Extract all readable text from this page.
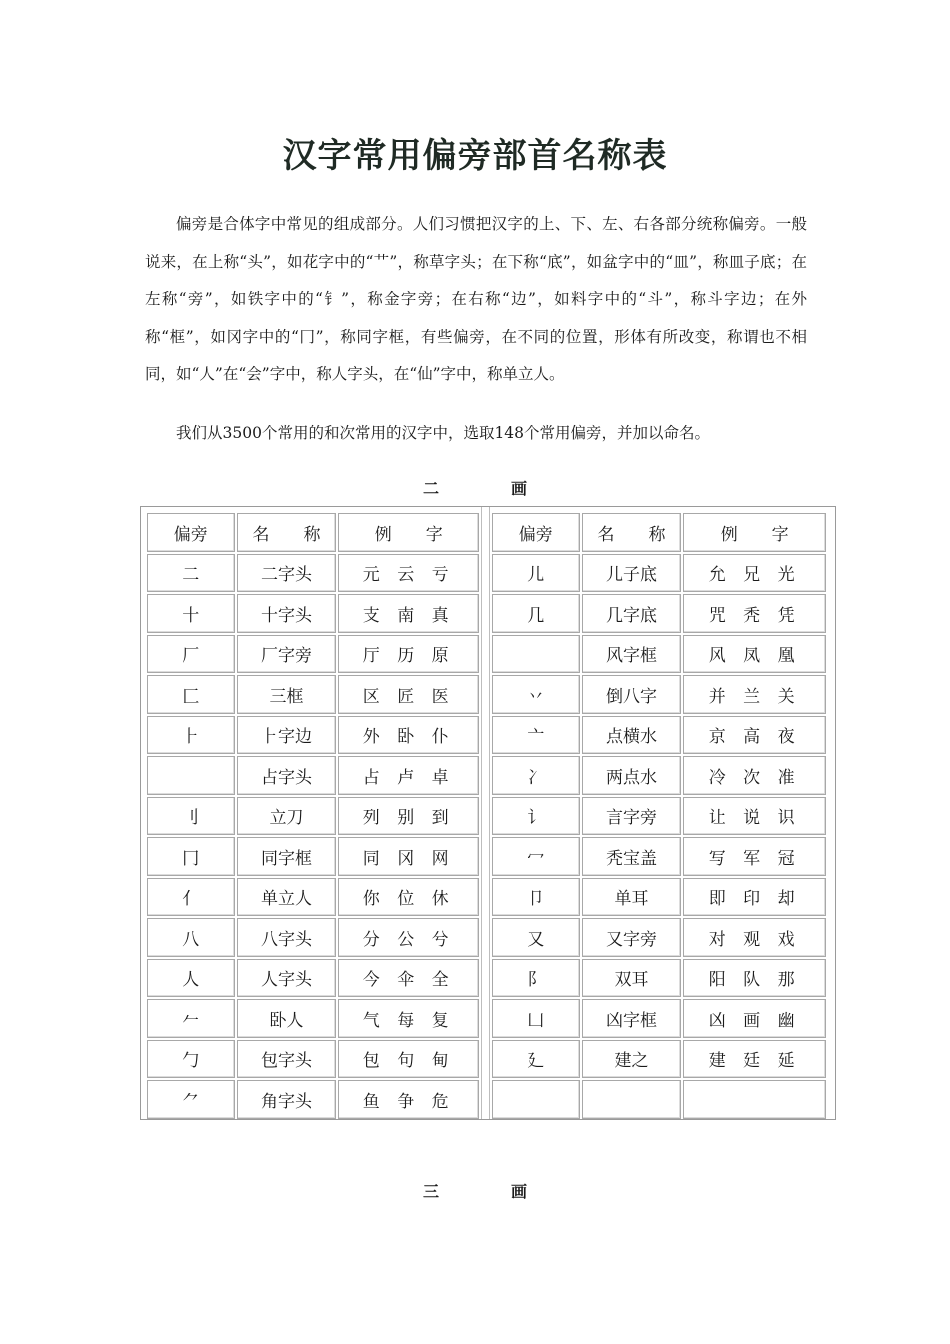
汉字常用偏旁部首名称表

偏旁是合体字中常见的组成部分。人们习惯把汉字的上、下、左、右各部分统称偏旁。一般说来，在上称“头”，如花字中的“艹”，称草字头；在下称“底”，如盆字中的“皿”，称皿子底；在左称“旁”，如铁字中的“钅”，称金字旁；在右称“边”，如料字中的“斗”，称斗字边；在外称“框”，如冈字中的“冂”，称同字框，有些偏旁，在不同的位置，形体有所改变，称谓也不相同，如“人”在“会”字中，称人字头，在“仙”字中，称单立人。

我们从3500个常用的和次常用的汉字中，选取148个常用偏旁，并加以命名。

二	画
偏旁	名　　称	例　　字
二	二字头	元 云 亏
十	十字头	支 南 真
厂	厂字旁	厅 历 原
匚	三框	区 匠 医
⺊	⺊字边	外 卧 仆
	占字头	占 卢 卓
刂	立刀	列 别 到
冂	同字框	同 冈 网
亻	单立人	你 位 休
八	八字头	分 公 兮
人	人字头	今 伞 全
𠂉	卧人	气 每 复
勹	包字头	包 句 甸
⺈	角字头	鱼 争 危
偏旁	名　　称	例　　字
儿	儿子底	允 兄 光
几	几字底	咒 秃 凭
	风字框	风 凤 凰
丷	倒八字	并 兰 关
亠	点横水	京 高 夜
冫	两点水	冷 次 准
讠	言字旁	让 说 识
冖	秃宝盖	写 军 冠
卩	单耳	即 印 却
又	又字旁	对 观 戏
阝	双耳	阳 队 那
凵	凶字框	凶 画 幽
廴	建之	建 廷 延

三	画
